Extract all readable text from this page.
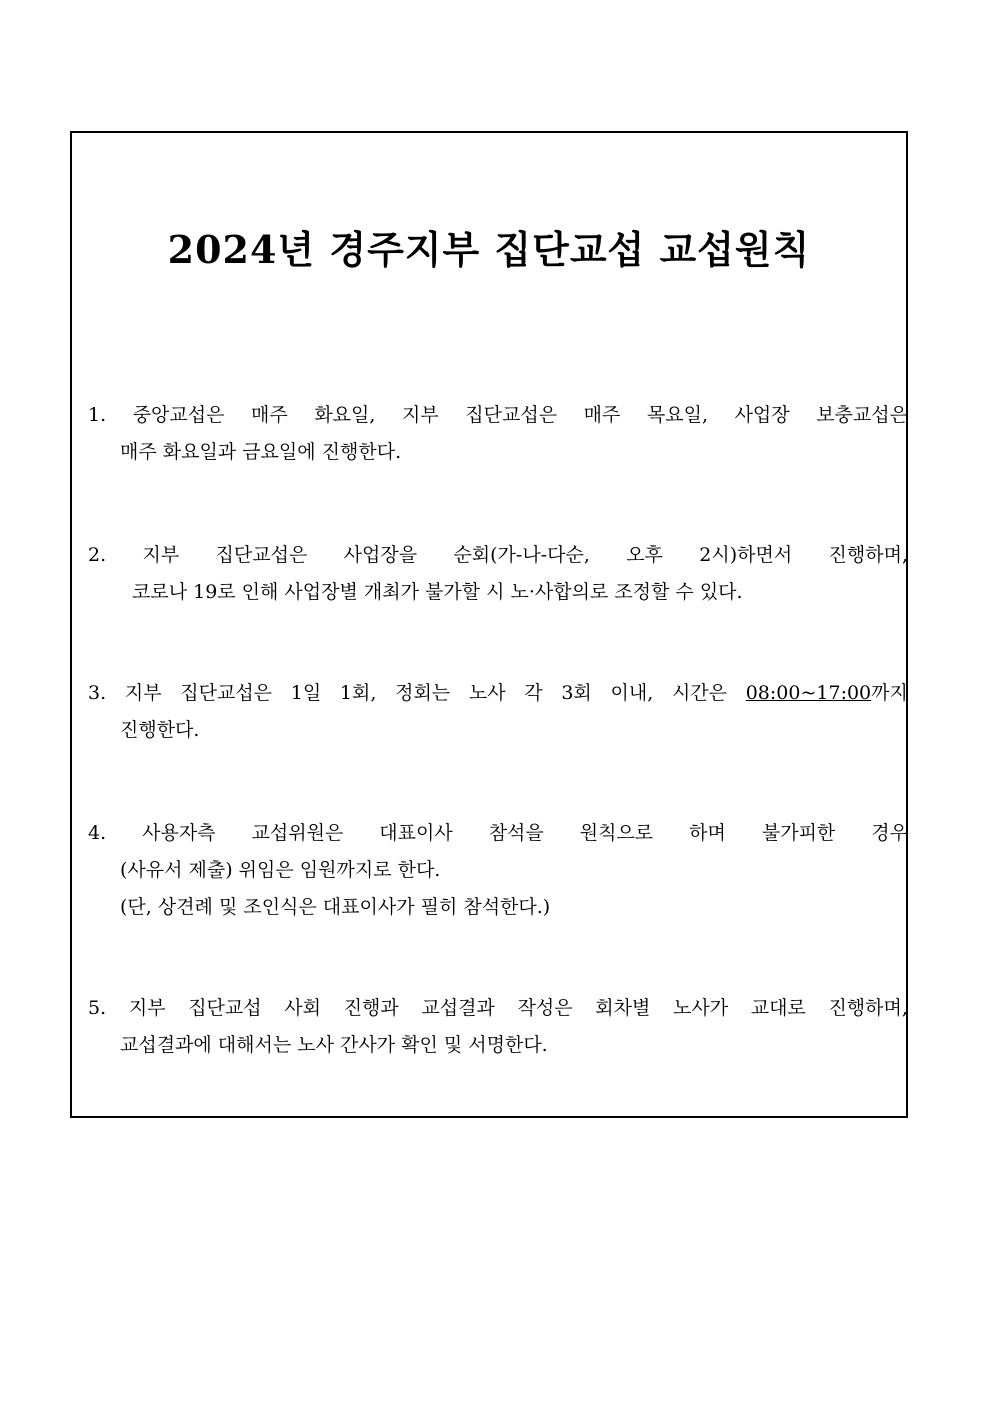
2024년 경주지부 집단교섭 교섭원칙
1. 중앙교섭은 매주 화요일, 지부 집단교섭은 매주 목요일, 사업장 보충교섭은
매주 화요일과 금요일에 진행한다.
2. 지부 집단교섭은 사업장을 순회(가-나-다순, 오후 2시)하면서 진행하며,
코로나 19로 인해 사업장별 개최가 불가할 시 노·사합의로 조정할 수 있다.
3. 지부 집단교섭은 1일 1회, 정회는 노사 각 3회 이내, 시간은 08:00~17:00까지
진행한다.
4. 사용자측 교섭위원은 대표이사 참석을 원칙으로 하며 불가피한 경우
(사유서 제출) 위임은 임원까지로 한다.
(단, 상견례 및 조인식은 대표이사가 필히 참석한다.)
5. 지부 집단교섭 사회 진행과 교섭결과 작성은 회차별 노사가 교대로 진행하며,
교섭결과에 대해서는 노사 간사가 확인 및 서명한다.
